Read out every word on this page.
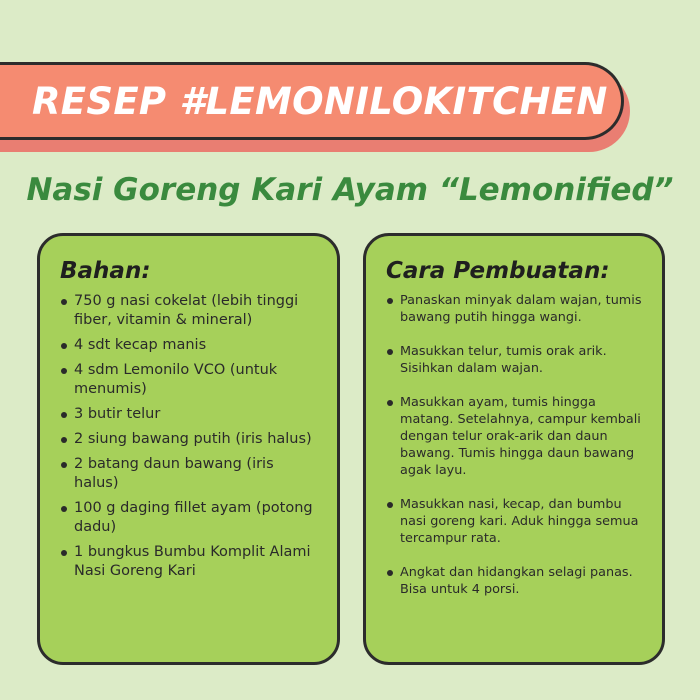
RESEP #LEMONILOKITCHEN
Nasi Goreng Kari Ayam “Lemonified”
Bahan:
750 g nasi cokelat (lebih tinggi fiber, vitamin & mineral)
4 sdt kecap manis
4 sdm Lemonilo VCO (untuk menumis)
3 butir telur
2 siung bawang putih (iris halus)
2 batang daun bawang (iris halus)
100 g daging fillet ayam (potong dadu)
1 bungkus Bumbu Komplit Alami Nasi Goreng Kari
Cara Pembuatan:
Panaskan minyak dalam wajan, tumis bawang putih hingga wangi.
Masukkan telur, tumis orak arik. Sisihkan dalam wajan.
Masukkan ayam, tumis hingga matang. Setelahnya, campur kembali dengan telur orak-arik dan daun bawang. Tumis hingga daun bawang agak layu.
Masukkan nasi, kecap, dan bumbu nasi goreng kari. Aduk hingga semua tercampur rata.
Angkat dan hidangkan selagi panas. Bisa untuk 4 porsi.
